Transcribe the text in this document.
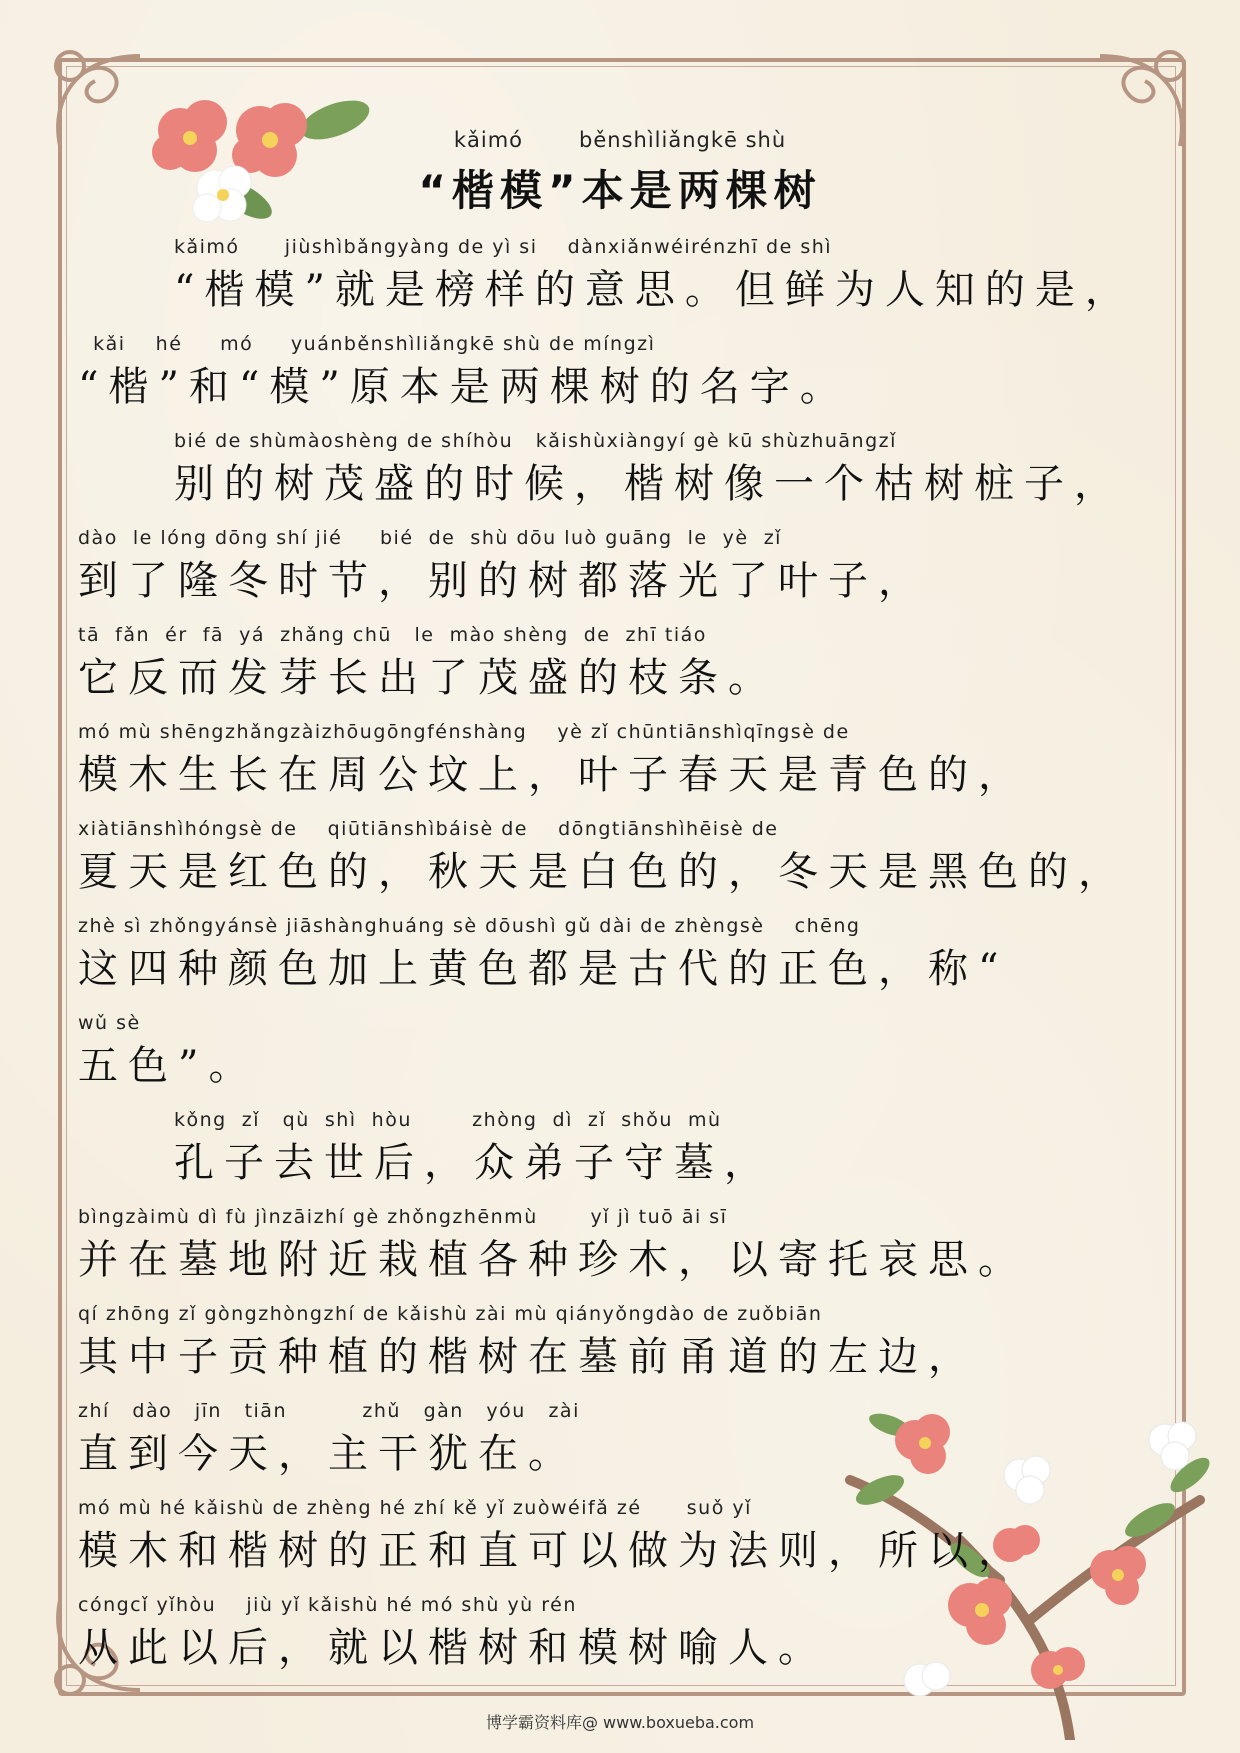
kǎimó	běnshìliǎngkē shù
“楷模”本是两棵树
kǎimó      jiùshìbǎngyàng de yì si    dànxiǎnwéirénzhī de shì
“楷模”就是榜样的意思。但鲜为人知的是，
kǎi    hé     mó     yuánběnshìliǎngkē shù de míngzì
“楷”和“模”原本是两棵树的名字。
bié de shùmàoshèng de shíhòu   kǎishùxiàngyí gè kū shùzhuāngzǐ
别的树茂盛的时候，楷树像一个枯树桩子，
dào  le lóng dōng shí jié     bié  de  shù dōu luò guāng  le  yè  zǐ
到了隆冬时节，别的树都落光了叶子，
tā  fǎn  ér  fā  yá  zhǎng chū   le  mào shèng  de  zhī tiáo
它反而发芽长出了茂盛的枝条。
mó mù shēngzhǎngzàizhōugōngfénshàng    yè zǐ chūntiānshìqīngsè de
模木生长在周公坟上，叶子春天是青色的，
xiàtiānshìhóngsè de    qiūtiānshìbáisè de    dōngtiānshìhēisè de
夏天是红色的，秋天是白色的，冬天是黑色的，
zhè sì zhǒngyánsè jiāshànghuáng sè dōushì gǔ dài de zhèngsè    chēng
这四种颜色加上黄色都是古代的正色，称“
wǔ sè
五色”。
kǒng  zǐ   qù  shì  hòu        zhòng  dì  zǐ  shǒu  mù
孔子去世后，众弟子守墓，
bìngzàimù dì fù jìnzāizhí gè zhǒngzhēnmù       yǐ jì tuō āi sī
并在墓地附近栽植各种珍木，以寄托哀思。
qí zhōng zǐ gòngzhòngzhí de kǎishù zài mù qiányǒngdào de zuǒbiān
其中子贡种植的楷树在墓前甬道的左边，
zhí   dào   jīn   tiān          zhǔ   gàn   yóu   zài
直到今天，主干犹在。
mó mù hé kǎishù de zhèng hé zhí kě yǐ zuòwéifǎ zé      suǒ yǐ
模木和楷树的正和直可以做为法则，所以，
cóngcǐ yǐhòu    jiù yǐ kǎishù hé mó shù yù rén
从此以后，就以楷树和模树喻人。
博学霸资料库@ www.boxueba.com
